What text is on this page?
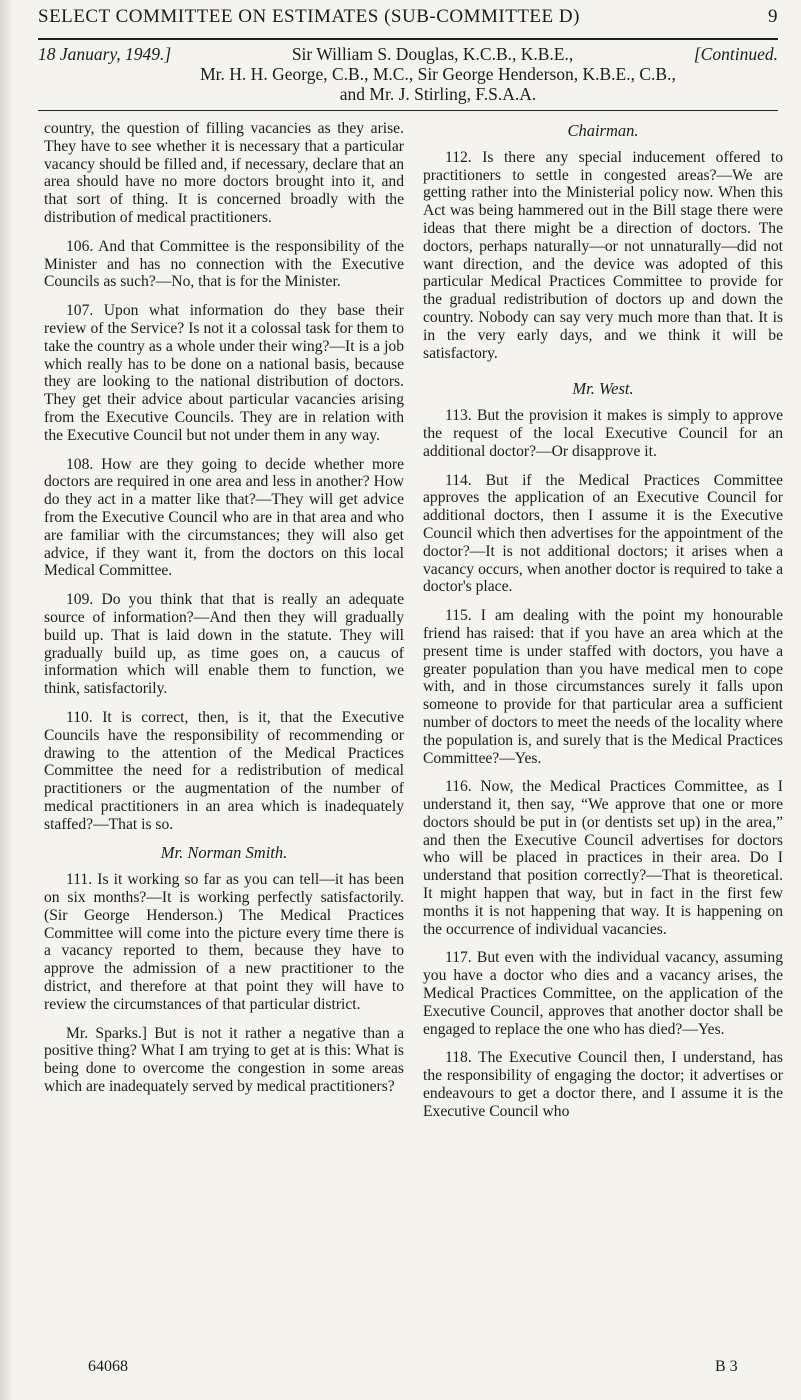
SELECT COMMITTEE ON ESTIMATES (SUB-COMMITTEE D)	9
18 January, 1949.]	Sir William S. Douglas, K.C.B., K.B.E.,	[Continued.
Mr. H. H. George, C.B., M.C., Sir George Henderson, K.B.E., C.B.,
and Mr. J. Stirling, F.S.A.A.

country, the question of filling vacancies as they arise. They have to see whether it is necessary that a particular vacancy should be filled and, if necessary, declare that an area should have no more doctors brought into it, and that sort of thing. It is concerned broadly with the distribution of medical practitioners.

106. And that Committee is the responsibility of the Minister and has no connection with the Executive Councils as such?—No, that is for the Minister.

107. Upon what information do they base their review of the Service? Is not it a colossal task for them to take the country as a whole under their wing?—It is a job which really has to be done on a national basis, because they are looking to the national distribution of doctors. They get their advice about particular vacancies arising from the Executive Councils. They are in relation with the Executive Council but not under them in any way.

108. How are they going to decide whether more doctors are required in one area and less in another? How do they act in a matter like that?—They will get advice from the Executive Council who are in that area and who are familiar with the circumstances; they will also get advice, if they want it, from the doctors on this local Medical Committee.

109. Do you think that that is really an adequate source of information?—And then they will gradually build up. That is laid down in the statute. They will gradually build up, as time goes on, a caucus of information which will enable them to function, we think, satisfactorily.

110. It is correct, then, is it, that the Executive Councils have the responsibility of recommending or drawing to the attention of the Medical Practices Committee the need for a redistribution of medical practitioners or the augmentation of the number of medical practitioners in an area which is inadequately staffed?—That is so.

Mr. Norman Smith.

111. Is it working so far as you can tell—it has been on six months?—It is working perfectly satisfactorily. (Sir George Henderson.) The Medical Practices Committee will come into the picture every time there is a vacancy reported to them, because they have to approve the admission of a new practitioner to the district, and therefore at that point they will have to review the circumstances of that particular district.

Mr. Sparks.] But is not it rather a negative than a positive thing? What I am trying to get at is this: What is being done to overcome the congestion in some areas which are inadequately served by medical practitioners?

Chairman.

112. Is there any special inducement offered to practitioners to settle in congested areas?—We are getting rather into the Ministerial policy now. When this Act was being hammered out in the Bill stage there were ideas that there might be a direction of doctors. The doctors, perhaps naturally—or not unnaturally—did not want direction, and the device was adopted of this particular Medical Practices Committee to provide for the gradual redistribution of doctors up and down the country. Nobody can say very much more than that. It is in the very early days, and we think it will be satisfactory.

Mr. West.

113. But the provision it makes is simply to approve the request of the local Executive Council for an additional doctor?—Or disapprove it.

114. But if the Medical Practices Committee approves the application of an Executive Council for additional doctors, then I assume it is the Executive Council which then advertises for the appointment of the doctor?—It is not additional doctors; it arises when a vacancy occurs, when another doctor is required to take a doctor's place.

115. I am dealing with the point my honourable friend has raised: that if you have an area which at the present time is under staffed with doctors, you have a greater population than you have medical men to cope with, and in those circumstances surely it falls upon someone to provide for that particular area a sufficient number of doctors to meet the needs of the locality where the population is, and surely that is the Medical Practices Committee?—Yes.

116. Now, the Medical Practices Committee, as I understand it, then say, “We approve that one or more doctors should be put in (or dentists set up) in the area,” and then the Executive Council advertises for doctors who will be placed in practices in their area. Do I understand that position correctly?—That is theoretical. It might happen that way, but in fact in the first few months it is not happening that way. It is happening on the occurrence of individual vacancies.

117. But even with the individual vacancy, assuming you have a doctor who dies and a vacancy arises, the Medical Practices Committee, on the application of the Executive Council, approves that another doctor shall be engaged to replace the one who has died?—Yes.

118. The Executive Council then, I understand, has the responsibility of engaging the doctor; it advertises or endeavours to get a doctor there, and I assume it is the Executive Council who

64068	B 3
